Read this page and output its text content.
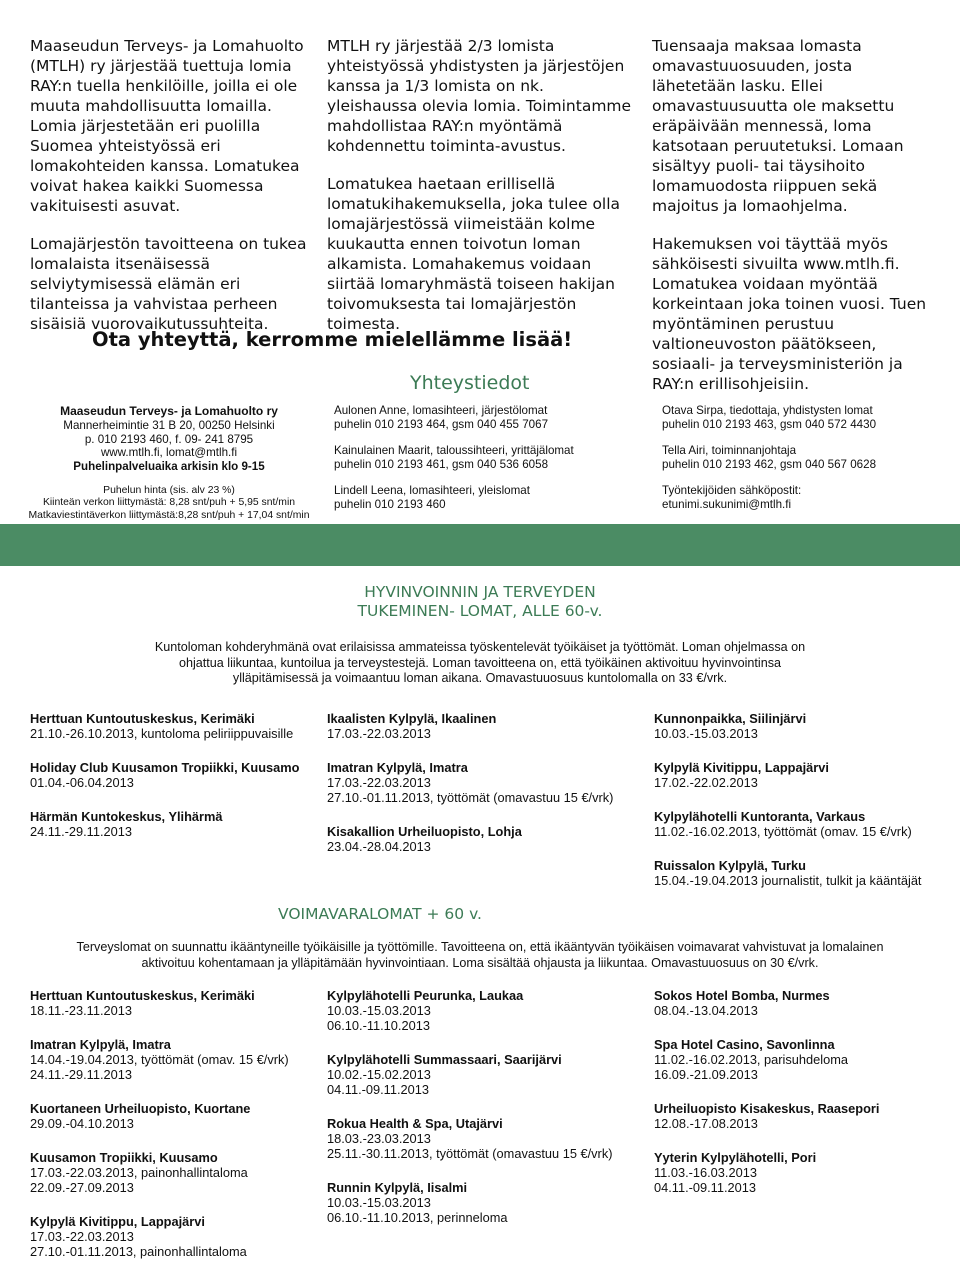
Maaseudun Terveys- ja Lomahuolto (MTLH) ry järjestää tuettuja lomia RAY:n tuella henkilöille, joilla ei ole muuta mahdollisuutta lomailla. Lomia järjestetään eri puolilla Suomea yhteistyössä eri lomakohteiden kanssa. Lomatukea voivat hakea kaikki Suomessa vakituisesti asuvat.

Lomajärjestön tavoitteena on tukea lomalaista itsenäisessä selviytymisessä elämän eri tilanteissa ja vahvistaa perheen sisäisiä vuorovaikutussuhteita.

MTLH ry järjestää 2/3 lomista yhteistyössä yhdistysten ja järjestöjen kanssa ja 1/3 lomista on nk. yleishaussa olevia lomia. Toimintamme mahdollistaa RAY:n myöntämä kohdennettu toiminta-avustus.

Lomatukea haetaan erillisellä lomatukihakemuksella, joka tulee olla lomajärjestössä viimeistään kolme kuukautta ennen toivotun loman alkamista. Lomahakemus voidaan siirtää lomaryhmästä toiseen hakijan toivomuksesta tai lomajärjestön toimesta.

Tuensaaja maksaa lomasta omavastuuosuuden, josta lähetetään lasku. Ellei omavastuusuutta ole maksettu eräpäivään mennessä, loma katsotaan peruutetuksi. Lomaan sisältyy puoli- tai täysihoito lomamuodosta riippuen sekä majoitus ja lomaohjelma.

Hakemuksen voi täyttää myös sähköisesti sivuilta www.mtlh.fi. Lomatukea voidaan myöntää korkeintaan joka toinen vuosi. Tuen myöntäminen perustuu valtioneuvoston päätökseen, sosiaali- ja terveysministeriön ja RAY:n erillisohjeisiin.

Ota yhteyttä, kerromme mielellämme lisää!
Yhteystiedot
Maaseudun Terveys- ja Lomahuolto ry
Mannerheimintie 31 B 20, 00250 Helsinki
p. 010 2193 460, f. 09- 241 8795
www.mtlh.fi, lomat@mtlh.fi
Puhelinpalveluaika arkisin klo 9-15
Puhelun hinta (sis. alv 23 %)
Kiinteän verkon liittymästä: 8,28 snt/puh + 5,95 snt/min
Matkaviestintäverkon liittymästä:8,28 snt/puh + 17,04 snt/min
Aulonen Anne, lomasihteeri, järjestölomat
puhelin 010 2193 464, gsm 040 455 7067
Kainulainen Maarit, taloussihteeri, yrittäjälomat
puhelin 010 2193 461, gsm 040 536 6058
Lindell Leena, lomasihteeri, yleislomat
puhelin 010 2193 460
Otava Sirpa, tiedottaja, yhdistysten lomat
puhelin 010 2193 463, gsm 040 572 4430
Tella Airi, toiminnanjohtaja
puhelin 010 2193 462, gsm 040 567 0628
Työntekijöiden sähköpostit:
etunimi.sukunimi@mtlh.fi
HYVINVOINNIN JA TERVEYDEN
TUKEMINEN- LOMAT, ALLE 60-v.
Kuntoloman kohderyhmänä ovat erilaisissa ammateissa työskentelevät työikäiset ja työttömät. Loman ohjelmassa on
ohjattua liikuntaa, kuntoilua ja terveystestejä. Loman tavoitteena on, että työikäinen aktivoituu hyvinvointinsa
ylläpitämisessä ja voimaantuu loman aikana. Omavastuuosuus kuntolomalla on 33 €/vrk.
Herttuan Kuntoutuskeskus, Kerimäki
21.10.-26.10.2013, kuntoloma peliriippuvaisille
Holiday Club Kuusamon Tropiikki, Kuusamo
01.04.-06.04.2013
Härmän Kuntokeskus, Ylihärmä
24.11.-29.11.2013
Ikaalisten Kylpylä, Ikaalinen
17.03.-22.03.2013
Imatran Kylpylä, Imatra
17.03.-22.03.2013
27.10.-01.11.2013, työttömät (omavastuu 15 €/vrk)
Kisakallion Urheiluopisto, Lohja
23.04.-28.04.2013
Kunnonpaikka, Siilinjärvi
10.03.-15.03.2013
Kylpylä Kivitippu, Lappajärvi
17.02.-22.02.2013
Kylpylähotelli Kuntoranta, Varkaus
11.02.-16.02.2013, työttömät (omav. 15 €/vrk)
Ruissalon Kylpylä, Turku
15.04.-19.04.2013 journalistit, tulkit ja kääntäjät
VOIMAVARALOMAT + 60 v.
Terveyslomat on suunnattu ikääntyneille työikäisille ja työttömille. Tavoitteena on, että ikääntyvän työikäisen voimavarat vahvistuvat ja lomalainen
aktivoituu kohentamaan ja ylläpitämään hyvinvointiaan. Loma sisältää ohjausta ja liikuntaa. Omavastuuosuus on 30 €/vrk.
Herttuan Kuntoutuskeskus, Kerimäki
18.11.-23.11.2013
Imatran Kylpylä, Imatra
14.04.-19.04.2013, työttömät (omav. 15 €/vrk)
24.11.-29.11.2013
Kuortaneen Urheiluopisto, Kuortane
29.09.-04.10.2013
Kuusamon Tropiikki, Kuusamo
17.03.-22.03.2013, painonhallintaloma
22.09.-27.09.2013
Kylpylä Kivitippu, Lappajärvi
17.03.-22.03.2013
27.10.-01.11.2013, painonhallintaloma
Kylpylähotelli Peurunka, Laukaa
10.03.-15.03.2013
06.10.-11.10.2013
Kylpylähotelli Summassaari, Saarijärvi
10.02.-15.02.2013
04.11.-09.11.2013
Rokua Health & Spa, Utajärvi
18.03.-23.03.2013
25.11.-30.11.2013, työttömät (omavastuu 15 €/vrk)
Runnin Kylpylä, Iisalmi
10.03.-15.03.2013
06.10.-11.10.2013, perinneloma
Sokos Hotel Bomba, Nurmes
08.04.-13.04.2013
Spa Hotel Casino, Savonlinna
11.02.-16.02.2013, parisuhdeloma
16.09.-21.09.2013
Urheiluopisto Kisakeskus, Raasepori
12.08.-17.08.2013
Yyterin Kylpylähotelli, Pori
11.03.-16.03.2013
04.11.-09.11.2013
